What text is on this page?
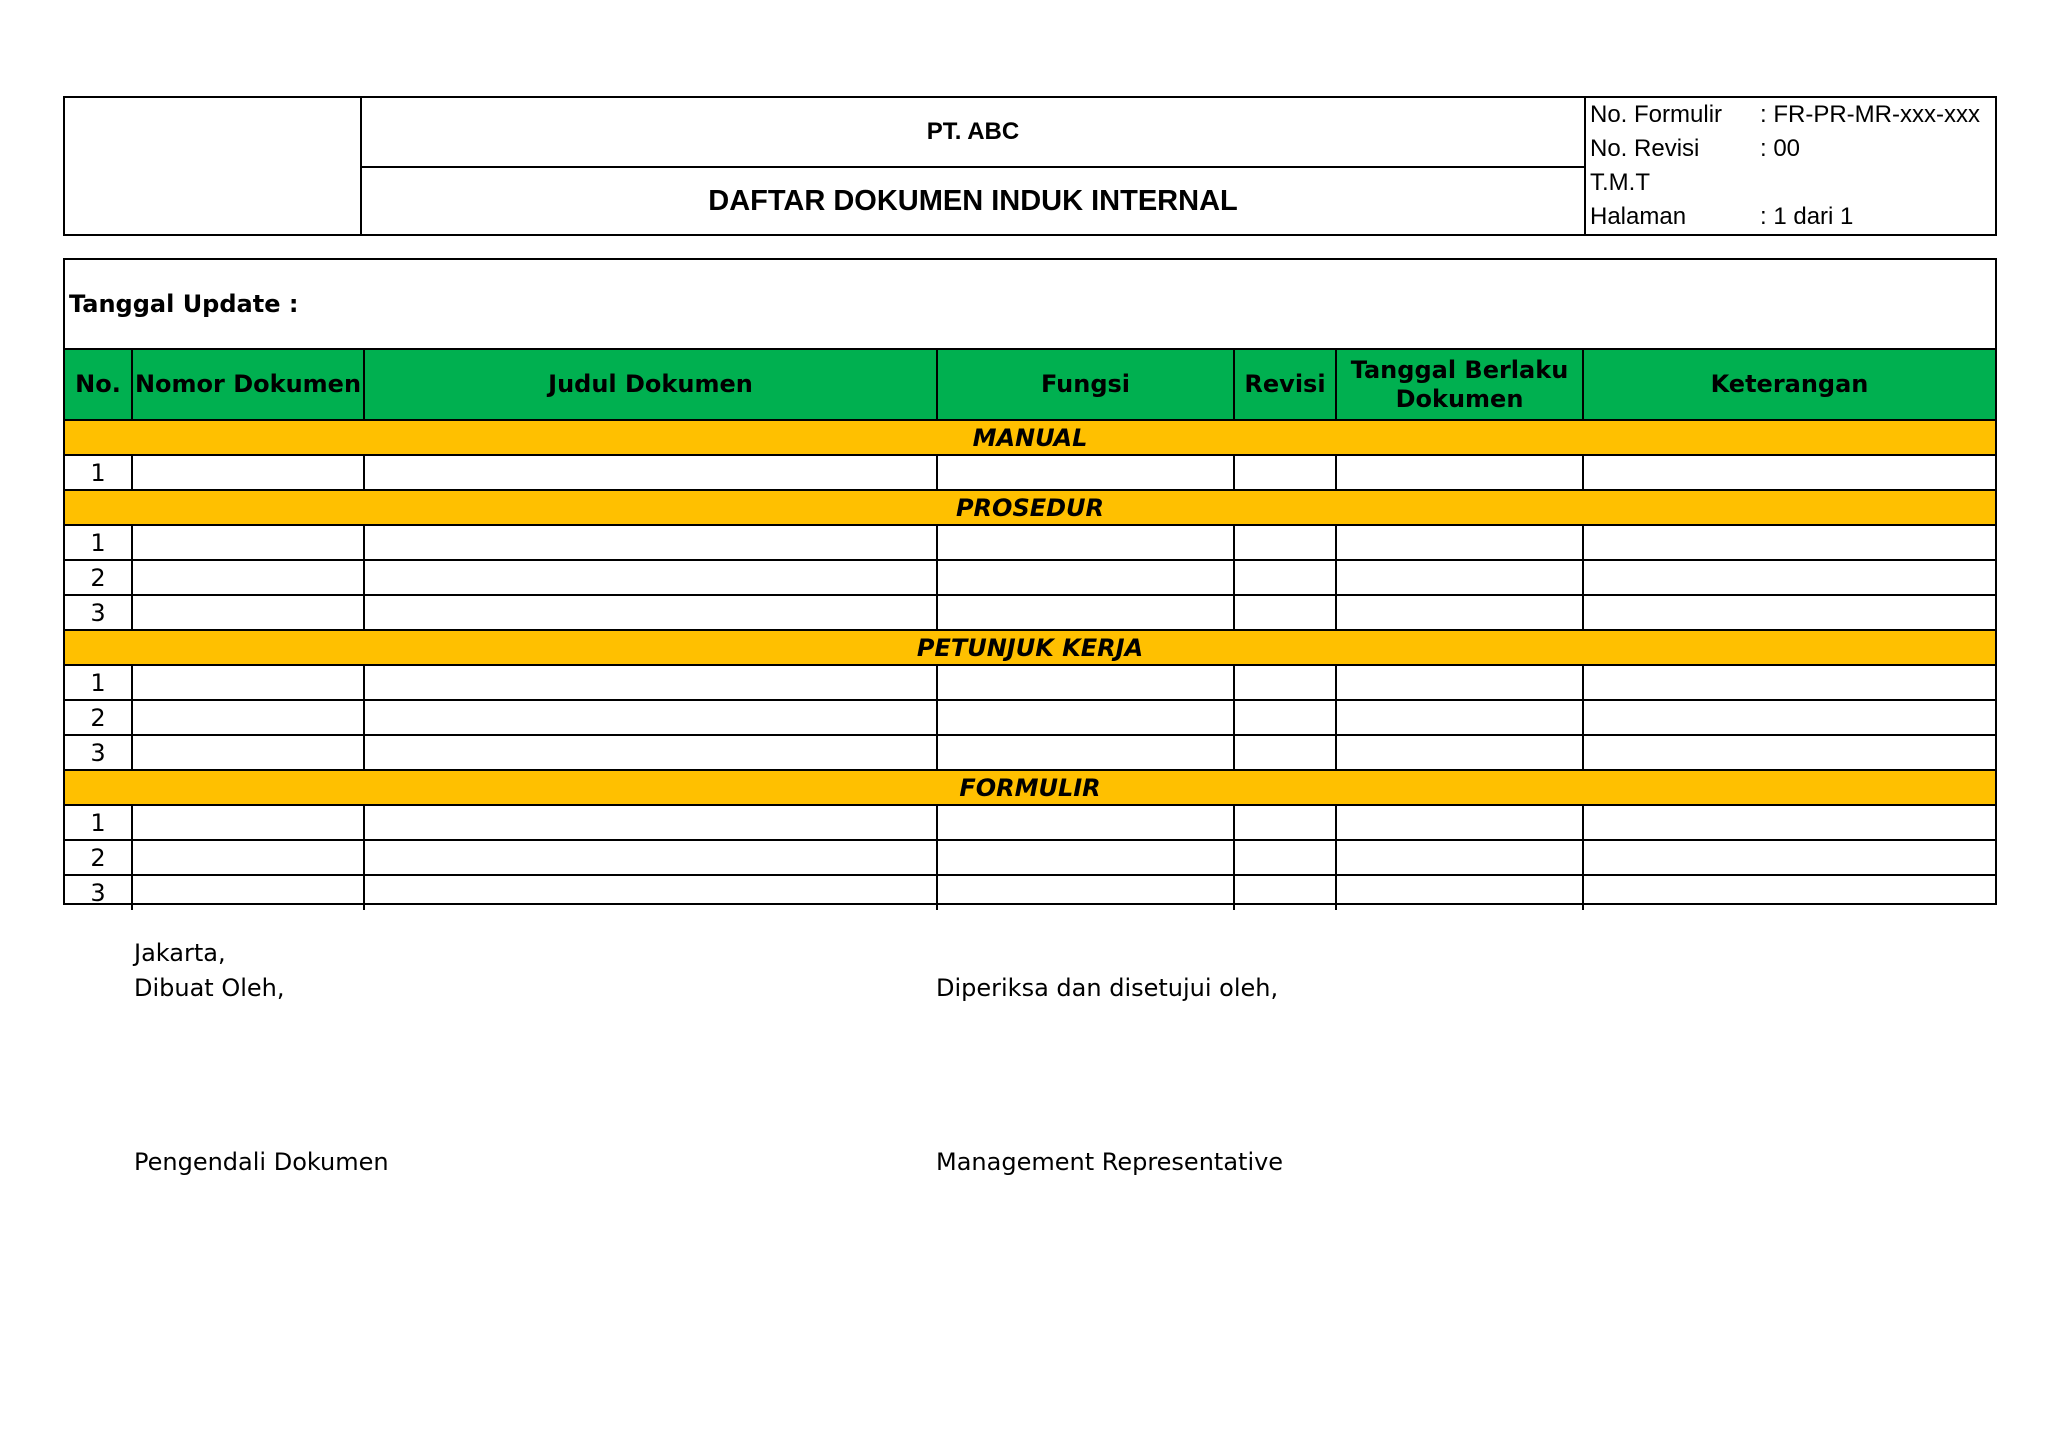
PT. ABC
DAFTAR DOKUMEN INDUK INTERNAL
No. Formulir	: FR-PR-MR-xxx-xxx
No. Revisi	: 00
T.M.T
Halaman	: 1 dari 1
Tanggal Update :
No.	Nomor Dokumen	Judul Dokumen	Fungsi	Revisi	Tanggal Berlaku Dokumen	Keterangan
MANUAL						
1						
PROSEDUR						
1						
2						
3						
PETUNJUK KERJA						
1						
2						
3						
FORMULIR						
1						
2						
3						
Jakarta,
Dibuat Oleh,	Diperiksa dan disetujui oleh,
Pengendali Dokumen	Management Representative
